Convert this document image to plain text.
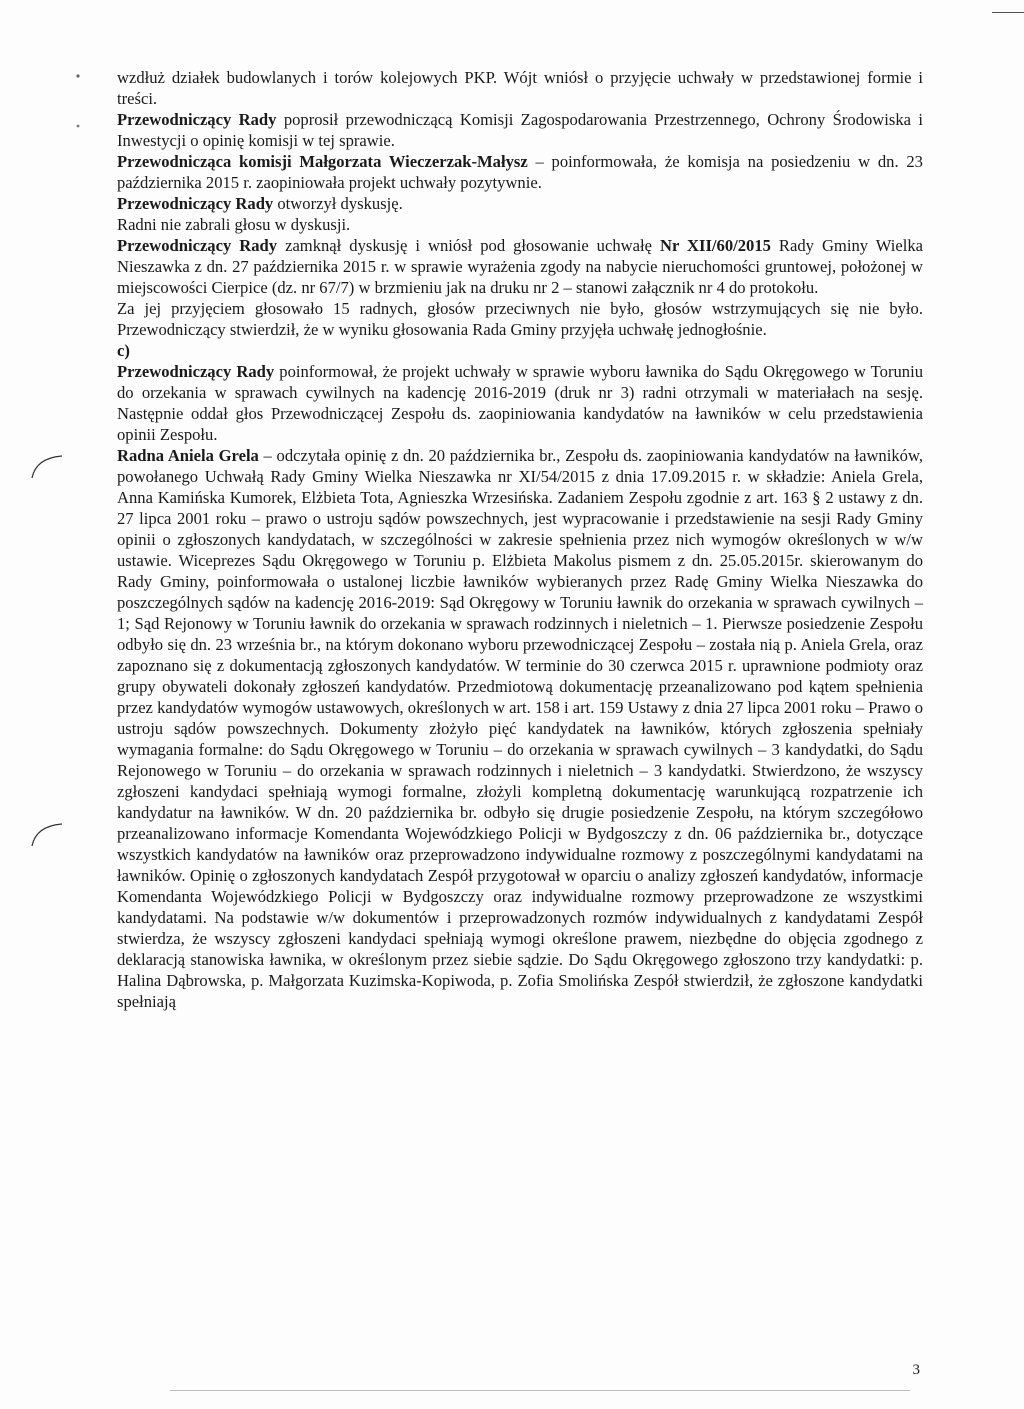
wzdłuż działek budowlanych i torów kolejowych PKP. Wójt wniósł o przyjęcie uchwały w przedstawionej formie i treści.

Przewodniczący Rady poprosił przewodniczącą Komisji Zagospodarowania Przestrzennego, Ochrony Środowiska i Inwestycji o opinię komisji w tej sprawie.

Przewodnicząca komisji Małgorzata Wieczerzak-Małysz – poinformowała, że komisja na posiedzeniu w dn. 23 października 2015 r. zaopiniowała projekt uchwały pozytywnie.

Przewodniczący Rady otworzył dyskusję.

Radni nie zabrali głosu w dyskusji.

Przewodniczący Rady zamknął dyskusję i wniósł pod głosowanie uchwałę Nr XII/60/2015 Rady Gminy Wielka Nieszawka z dn. 27 października 2015 r. w sprawie wyrażenia zgody na nabycie nieruchomości gruntowej, położonej w miejscowości Cierpice (dz. nr 67/7) w brzmieniu jak na druku nr 2 – stanowi załącznik nr 4 do protokołu.

Za jej przyjęciem głosowało 15 radnych, głosów przeciwnych nie było, głosów wstrzymujących się nie było. Przewodniczący stwierdził, że w wyniku głosowania Rada Gminy przyjęła uchwałę jednogłośnie.

c)

Przewodniczący Rady poinformował, że projekt uchwały w sprawie wyboru ławnika do Sądu Okręgowego w Toruniu do orzekania w sprawach cywilnych na kadencję 2016-2019 (druk nr 3) radni otrzymali w materiałach na sesję. Następnie oddał głos Przewodniczącej Zespołu ds. zaopiniowania kandydatów na ławników w celu przedstawienia opinii Zespołu.

Radna Aniela Grela – odczytała opinię z dn. 20 października br., Zespołu ds. zaopiniowania kandydatów na ławników, powołanego Uchwałą Rady Gminy Wielka Nieszawka nr XI/54/2015 z dnia 17.09.2015 r. w składzie: Aniela Grela, Anna Kamińska Kumorek, Elżbieta Tota, Agnieszka Wrzesińska. Zadaniem Zespołu zgodnie z art. 163 § 2 ustawy z dn. 27 lipca 2001 roku – prawo o ustroju sądów powszechnych, jest wypracowanie i przedstawienie na sesji Rady Gminy opinii o zgłoszonych kandydatach, w szczególności w zakresie spełnienia przez nich wymogów określonych w w/w ustawie. Wiceprezes Sądu Okręgowego w Toruniu p. Elżbieta Makolus pismem z dn. 25.05.2015r. skierowanym do Rady Gminy, poinformowała o ustalonej liczbie ławników wybieranych przez Radę Gminy Wielka Nieszawka do poszczególnych sądów na kadencję 2016-2019: Sąd Okręgowy w Toruniu ławnik do orzekania w sprawach cywilnych – 1; Sąd Rejonowy w Toruniu ławnik do orzekania w sprawach rodzinnych i nieletnich – 1. Pierwsze posiedzenie Zespołu odbyło się dn. 23 września br., na którym dokonano wyboru przewodniczącej Zespołu – została nią p. Aniela Grela, oraz zapoznano się z dokumentacją zgłoszonych kandydatów. W terminie do 30 czerwca 2015 r. uprawnione podmioty oraz grupy obywateli dokonały zgłoszeń kandydatów. Przedmiotową dokumentację przeanalizowano pod kątem spełnienia przez kandydatów wymogów ustawowych, określonych w art. 158 i art. 159 Ustawy z dnia 27 lipca 2001 roku – Prawo o ustroju sądów powszechnych. Dokumenty złożyło pięć kandydatek na ławników, których zgłoszenia spełniały wymagania formalne: do Sądu Okręgowego w Toruniu – do orzekania w sprawach cywilnych – 3 kandydatki, do Sądu Rejonowego w Toruniu – do orzekania w sprawach rodzinnych i nieletnich – 3 kandydatki. Stwierdzono, że wszyscy zgłoszeni kandydaci spełniają wymogi formalne, złożyli kompletną dokumentację warunkującą rozpatrzenie ich kandydatur na ławników. W dn. 20 października br. odbyło się drugie posiedzenie Zespołu, na którym szczegółowo przeanalizowano informacje Komendanta Wojewódzkiego Policji w Bydgoszczy z dn. 06 października br., dotyczące wszystkich kandydatów na ławników oraz przeprowadzono indywidualne rozmowy z poszczególnymi kandydatami na ławników. Opinię o zgłoszonych kandydatach Zespół przygotował w oparciu o analizy zgłoszeń kandydatów, informacje Komendanta Wojewódzkiego Policji w Bydgoszczy oraz indywidualne rozmowy przeprowadzone ze wszystkimi kandydatami. Na podstawie w/w dokumentów i przeprowadzonych rozmów indywidualnych z kandydatami Zespół stwierdza, że wszyscy zgłoszeni kandydaci spełniają wymogi określone prawem, niezbędne do objęcia zgodnego z deklaracją stanowiska ławnika, w określonym przez siebie sądzie. Do Sądu Okręgowego zgłoszono trzy kandydatki: p. Halina Dąbrowska, p. Małgorzata Kuzimska-Kopiwoda, p. Zofia Smolińska Zespół stwierdził, że zgłoszone kandydatki spełniają

3
